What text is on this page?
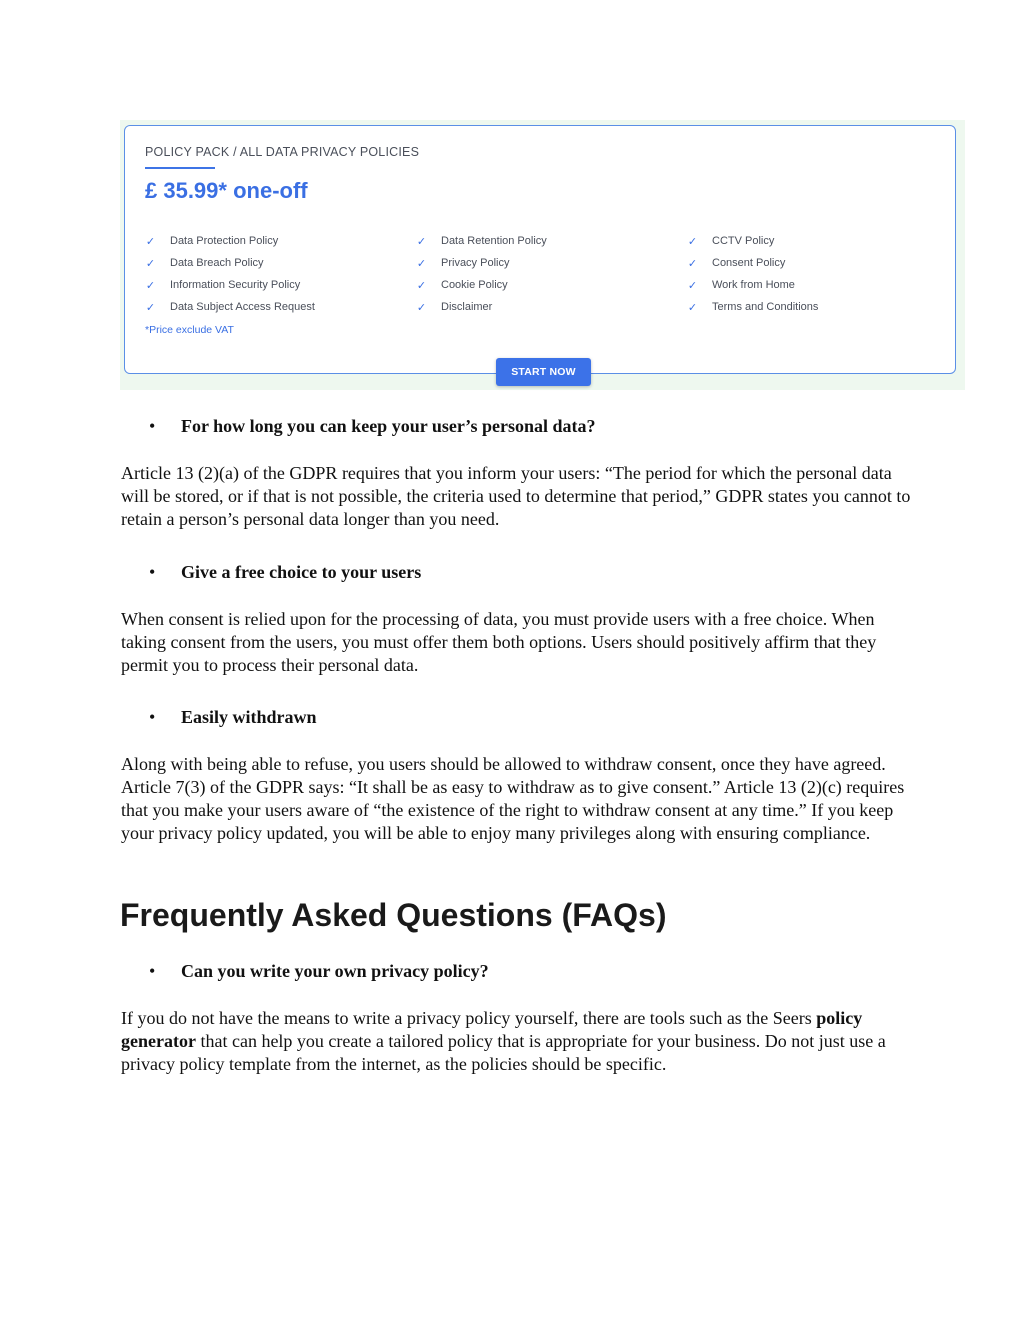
POLICY PACK / ALL DATA PRIVACY POLICIES
£ 35.99* one-off
✓ Data Protection Policy	✓ Data Retention Policy	✓ CCTV Policy
✓ Data Breach Policy	✓ Privacy Policy	✓ Consent Policy
✓ Information Security Policy	✓ Cookie Policy	✓ Work from Home
✓ Data Subject Access Request	✓ Disclaimer	✓ Terms and Conditions
*Price exclude VAT
START NOW
• For how long you can keep your user’s personal data?
Article 13 (2)(a) of the GDPR requires that you inform your users: “The period for which the personal data will be stored, or if that is not possible, the criteria used to determine that period,” GDPR states you cannot to retain a person’s personal data longer than you need.
• Give a free choice to your users
When consent is relied upon for the processing of data, you must provide users with a free choice. When taking consent from the users, you must offer them both options. Users should positively affirm that they permit you to process their personal data.
• Easily withdrawn
Along with being able to refuse, you users should be allowed to withdraw consent, once they have agreed. Article 7(3) of the GDPR says: “It shall be as easy to withdraw as to give consent.” Article 13 (2)(c) requires that you make your users aware of “the existence of the right to withdraw consent at any time.” If you keep your privacy policy updated, you will be able to enjoy many privileges along with ensuring compliance.
Frequently Asked Questions (FAQs)
• Can you write your own privacy policy?
If you do not have the means to write a privacy policy yourself, there are tools such as the Seers policy generator that can help you create a tailored policy that is appropriate for your business. Do not just use a privacy policy template from the internet, as the policies should be specific.
